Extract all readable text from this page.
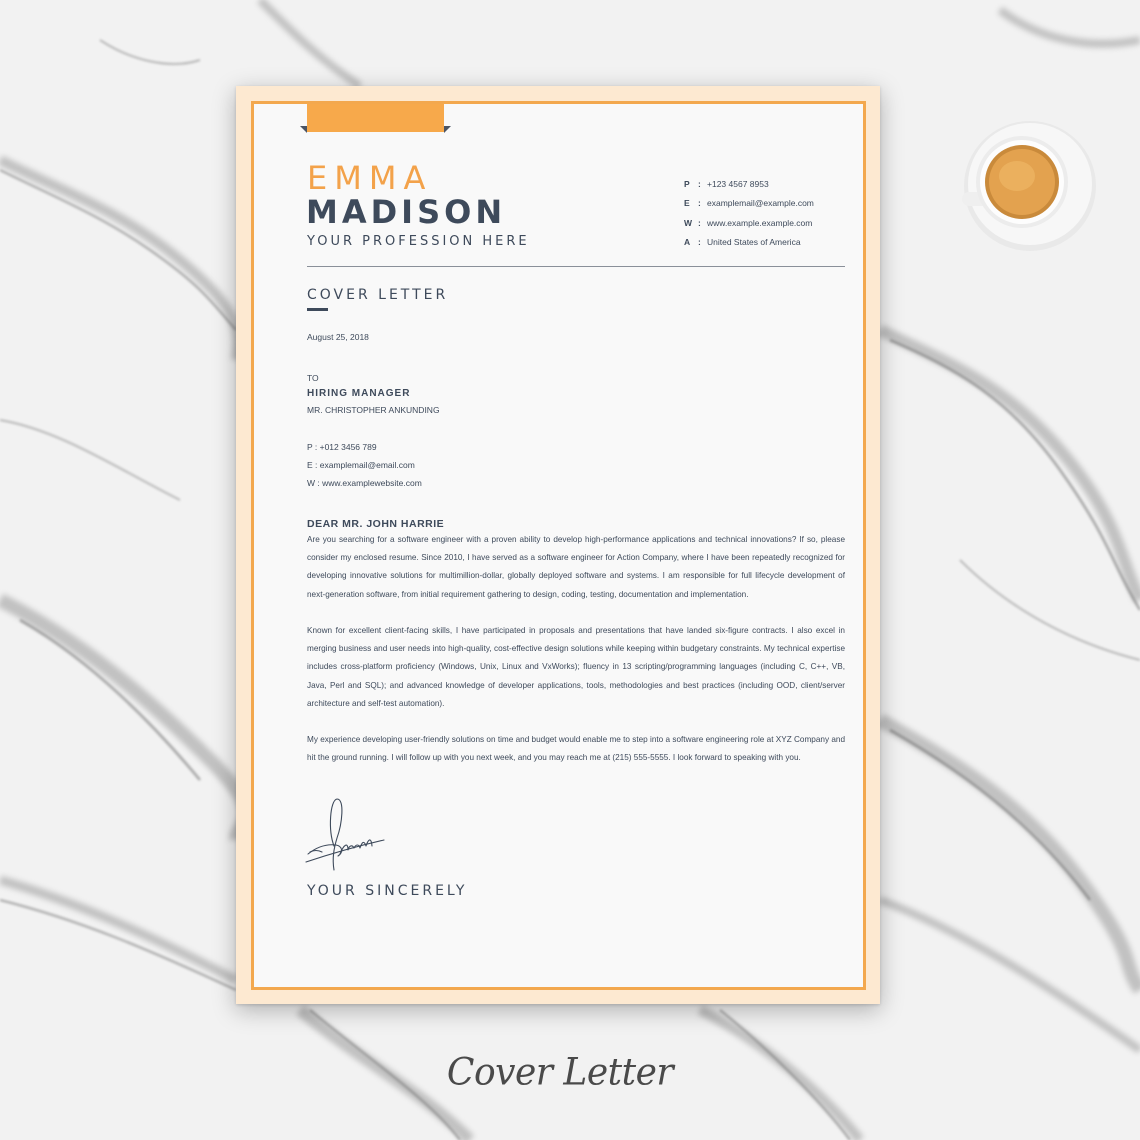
EMMA
MADISON
YOUR PROFESSION HERE
P : +123 4567 8953
E : examplemail@example.com
W : www.example.example.com
A : United States of America
COVER LETTER
August 25, 2018
TO
HIRING MANAGER
MR. CHRISTOPHER ANKUNDING
P : +012 3456 789
E : examplemail@email.com
W : www.examplewebsite.com
DEAR MR. JOHN HARRIE
Are you searching for a software engineer with a proven ability to develop high-performance applications and technical innovations? If so, please consider my enclosed resume. Since 2010, I have served as a software engineer for Action Company, where I have been repeatedly recognized for developing innovative solutions for multimillion-dollar, globally deployed software and systems. I am responsible for full lifecycle development of next-generation software, from initial requirement gathering to design, coding, testing, documentation and implementation.
Known for excellent client-facing skills, I have participated in proposals and presentations that have landed six-figure contracts. I also excel in merging business and user needs into high-quality, cost-effective design solutions while keeping within budgetary constraints. My technical expertise includes cross-platform proficiency (Windows, Unix, Linux and VxWorks); fluency in 13 scripting/programming languages (including C, C++, VB, Java, Perl and SQL); and advanced knowledge of developer applications, tools, methodologies and best practices (including OOD, client/server architecture and self-test automation).
My experience developing user-friendly solutions on time and budget would enable me to step into a software engineering role at XYZ Company and hit the ground running. I will follow up with you next week, and you may reach me at (215) 555-5555. I look forward to speaking with you.
YOUR SINCERELY
Cover Letter
